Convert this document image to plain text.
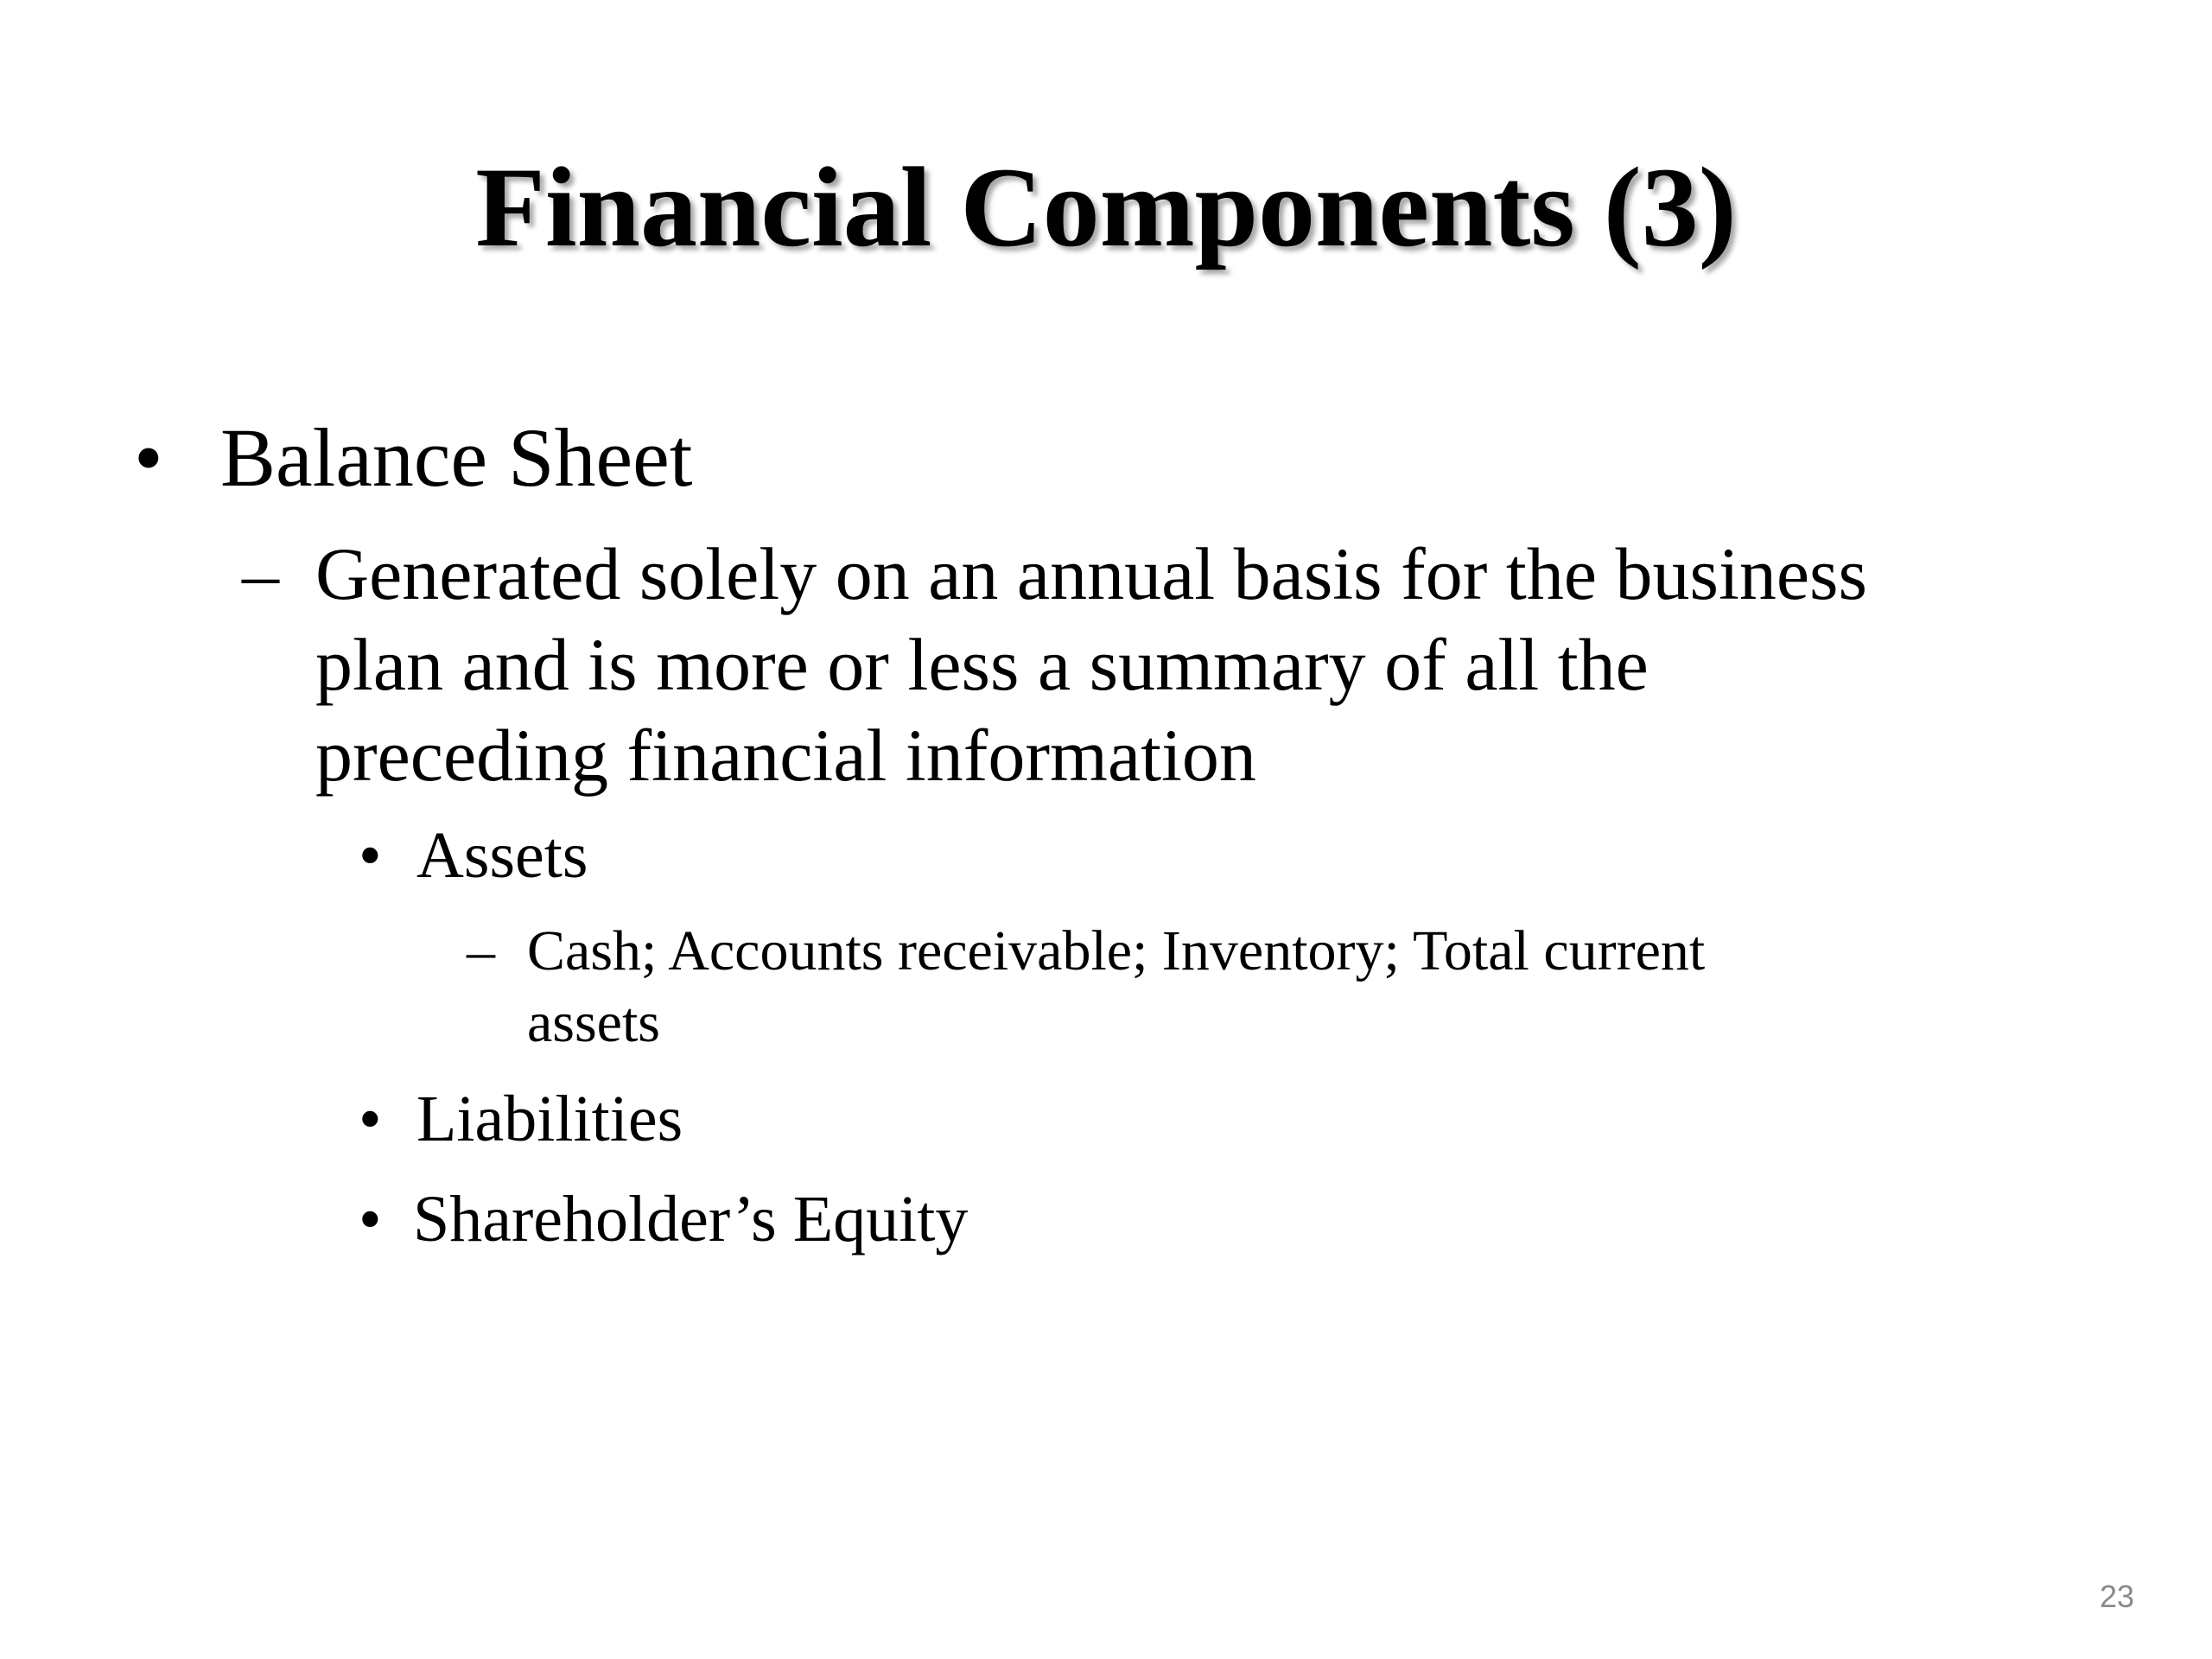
Financial Components (3)
• Balance Sheet
– Generated solely on an annual basis for the business
plan and is more or less a summary of all the
preceding financial information
• Assets
– Cash; Accounts receivable; Inventory; Total current
assets
• Liabilities
• Shareholder’s Equity
23
